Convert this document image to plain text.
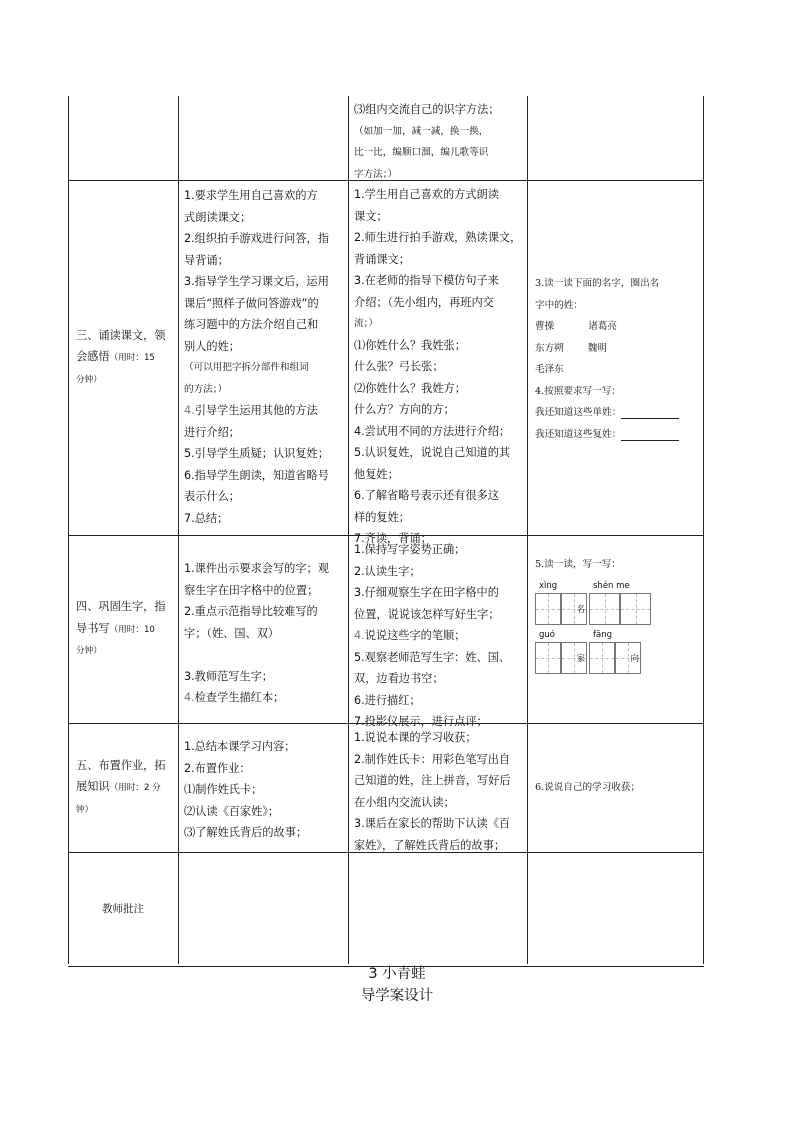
⑶组内交流自己的识字方法；
（如加一加，减一减，换一换，
比一比，编顺口溜，编儿歌等识
字方法；）
三、诵读课文，领
会感悟（用时：15
分钟）
1.要求学生用自己喜欢的方
式朗读课文；
2.组织拍手游戏进行问答，指
导背诵；
3.指导学生学习课文后，运用
课后“照样子做问答游戏”的
练习题中的方法介绍自己和
别人的姓；
（可以用把字拆分部件和组词
的方法；）
4.引导学生运用其他的方法
进行介绍；
5.引导学生质疑；认识复姓；
6.指导学生朗读，知道省略号
表示什么；
7.总结；
1.学生用自己喜欢的方式朗读
课文；
2.师生进行拍手游戏，熟读课文，
背诵课文；
3.在老师的指导下模仿句子来
介绍；（先小组内，再班内交
流；）
⑴你姓什么？我姓张；
什么张？弓长张；
⑵你姓什么？我姓方；
什么方？方向的方；
4.尝试用不同的方法进行介绍；
5.认识复姓，说说自己知道的其
他复姓；
6.了解省略号表示还有很多这
样的复姓；
7.齐读，背诵；
3.读一读下面的名字，圈出名
字中的姓：
曹操	诸葛亮
东方朔	魏明
毛泽东
4.按照要求写一写：
我还知道这些单姓：
我还知道这些复姓：
四、巩固生字，指
导书写（用时：10
分钟）
1.课件出示要求会写的字；观
察生字在田字格中的位置；
2.重点示范指导比较难写的
字；（姓、国、双）
3.教师范写生字；
4.检查学生描红本；
1.保持写字姿势正确；
2.认读生字；
3.仔细观察生字在田字格中的
位置，说说该怎样写好生字；
4.说说这些字的笔顺；
5.观察老师范写生字：姓、国、
双，边看边书空；
6.进行描红；
7.投影仪展示，进行点评；
5.读一读，写一写：
xìng
名
shén me
guó
家
fāng
向
五、布置作业，拓
展知识（用时：2 分
钟）
1.总结本课学习内容；
2.布置作业：
⑴制作姓氏卡；
⑵认读《百家姓》；
⑶了解姓氏背后的故事；
1.说说本课的学习收获；
2.制作姓氏卡：用彩色笔写出自
己知道的姓，注上拼音，写好后
在小组内交流认读；
3.课后在家长的帮助下认读《百
家姓》，了解姓氏背后的故事；
6.说说自己的学习收获；
教师批注
3 小青蛙
导学案设计
